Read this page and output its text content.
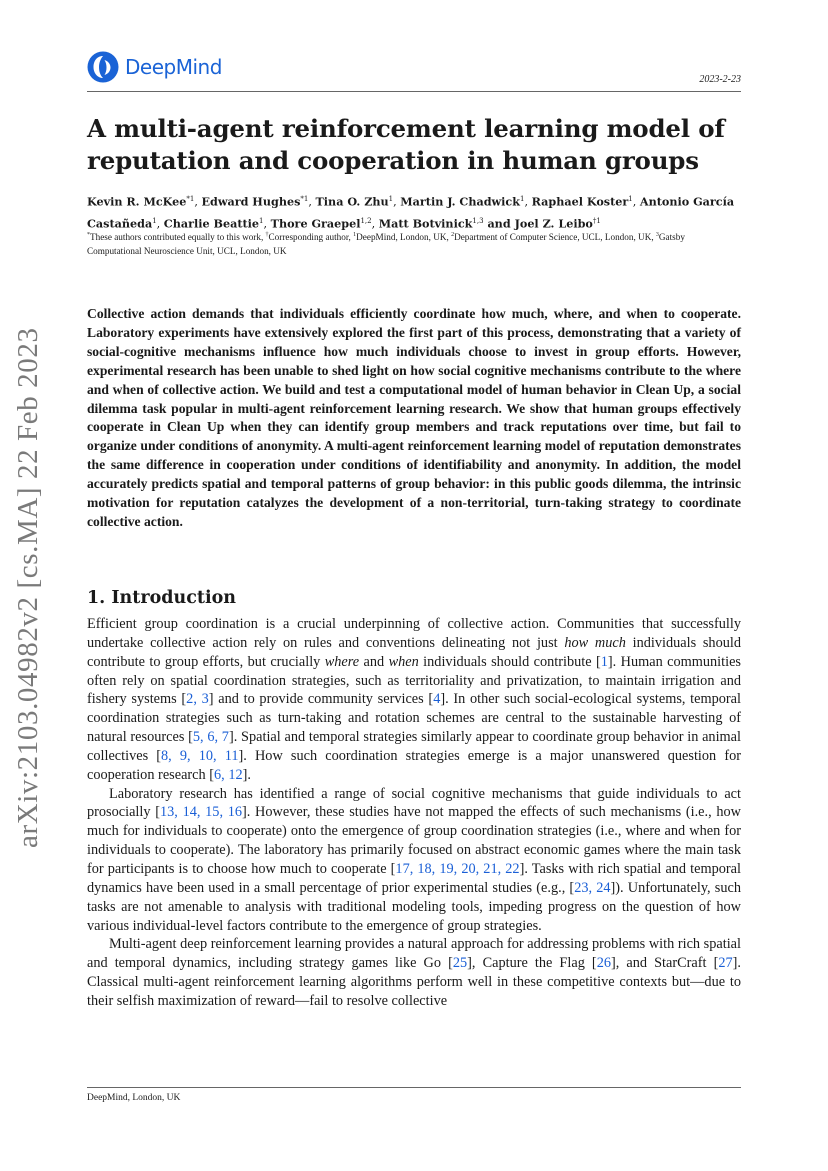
DeepMind
2023-2-23
arXiv:2103.04982v2 [cs.MA] 22 Feb 2023
A multi-agent reinforcement learning model of reputation and cooperation in human groups
Kevin R. McKee$^{*1}$, Edward Hughes$^{*1}$, Tina O. Zhu$^1$, Martin J. Chadwick$^1$, Raphael Koster$^1$, Antonio García Castañeda$^1$, Charlie Beattie$^1$, Thore Graepel$^{1,2}$, Matt Botvinick$^{1,3}$ and Joel Z. Leibo$^{\dagger 1}$
*These authors contributed equally to this work, †Corresponding author, $^1$DeepMind, London, UK, $^2$Department of Computer Science, UCL, London, UK, $^3$Gatsby Computational Neuroscience Unit, UCL, London, UK

Collective action demands that individuals efficiently coordinate how much, where, and when to cooperate. Laboratory experiments have extensively explored the first part of this process, demonstrating that a variety of social-cognitive mechanisms influence how much individuals choose to invest in group efforts. However, experimental research has been unable to shed light on how social cognitive mechanisms contribute to the where and when of collective action. We build and test a computational model of human behavior in Clean Up, a social dilemma task popular in multi-agent reinforcement learning research. We show that human groups effectively cooperate in Clean Up when they can identify group members and track reputations over time, but fail to organize under conditions of anonymity. A multi-agent reinforcement learning model of reputation demonstrates the same difference in cooperation under conditions of identifiability and anonymity. In addition, the model accurately predicts spatial and temporal patterns of group behavior: in this public goods dilemma, the intrinsic motivation for reputation catalyzes the development of a non-territorial, turn-taking strategy to coordinate collective action.

1. Introduction

Efficient group coordination is a crucial underpinning of collective action. Communities that successfully undertake collective action rely on rules and conventions delineating not just how much individuals should contribute to group efforts, but crucially where and when individuals should contribute [1]. Human communities often rely on spatial coordination strategies, such as territoriality and privatization, to maintain irrigation and fishery systems [2, 3] and to provide community services [4]. In other such social-ecological systems, temporal coordination strategies such as turn-taking and rotation schemes are central to the sustainable harvesting of natural resources [5, 6, 7]. Spatial and temporal strategies similarly appear to coordinate group behavior in animal collectives [8, 9, 10, 11]. How such coordination strategies emerge is a major unanswered question for cooperation research [6, 12].

Laboratory research has identified a range of social cognitive mechanisms that guide individuals to act prosocially [13, 14, 15, 16]. However, these studies have not mapped the effects of such mechanisms (i.e., how much for individuals to cooperate) onto the emergence of group coordination strategies (i.e., where and when for individuals to cooperate). The laboratory has primarily focused on abstract economic games where the main task for participants is to choose how much to cooperate [17, 18, 19, 20, 21, 22]. Tasks with rich spatial and temporal dynamics have been used in a small percentage of prior experimental studies (e.g., [23, 24]). Unfortunately, such tasks are not amenable to analysis with traditional modeling tools, impeding progress on the question of how various individual-level factors contribute to the emergence of group strategies.

Multi-agent deep reinforcement learning provides a natural approach for addressing problems with rich spatial and temporal dynamics, including strategy games like Go [25], Capture the Flag [26], and StarCraft [27]. Classical multi-agent reinforcement learning algorithms perform well in these competitive contexts but—due to their selfish maximization of reward—fail to resolve collective

DeepMind, London, UK
